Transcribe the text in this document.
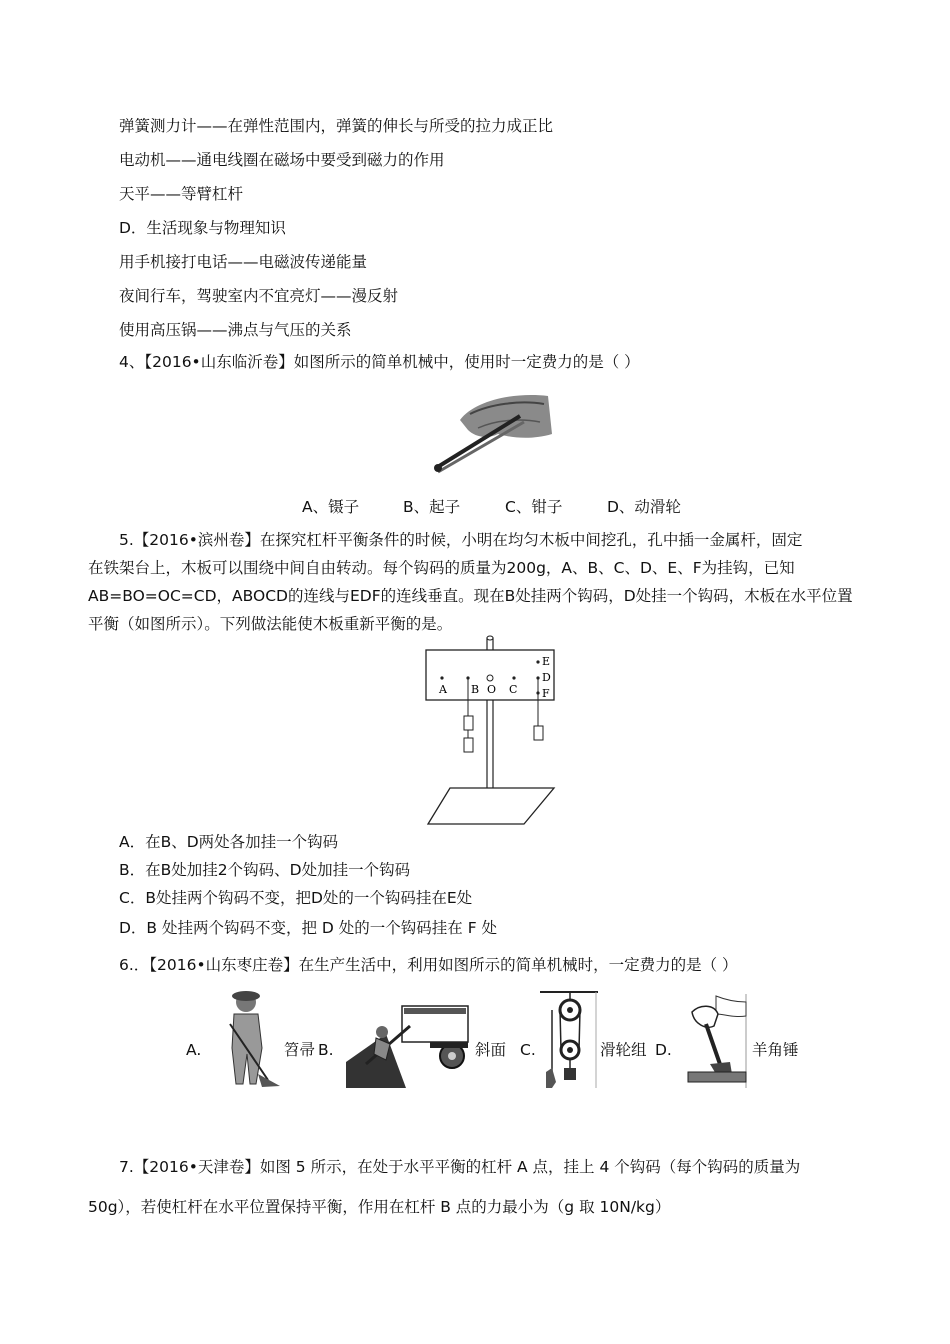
弹簧测力计——在弹性范围内，弹簧的伸长与所受的拉力成正比
电动机——通电线圈在磁场中要受到磁力的作用
天平——等臂杠杆
D．生活现象与物理知识
用手机接打电话——电磁波传递能量
夜间行车，驾驶室内不宜亮灯——漫反射
使用高压锅——沸点与气压的关系
4、【2016•山东临沂卷】如图所示的简单机械中，使用时一定费力的是（ ）
A、镊子	B、起子	C、钳子	D、动滑轮
5.【2016•滨州卷】在探究杠杆平衡条件的时候，小明在均匀木板中间挖孔，孔中插一金属杆，固定
在铁架台上，木板可以围绕中间自由转动。每个钩码的质量为200g，A、B、C、D、E、F为挂钩，已知
AB=BO=OC=CD，ABOCD的连线与EDF的连线垂直。现在B处挂两个钩码，D处挂一个钩码，木板在水平位置
平衡（如图所示）。下列做法能使木板重新平衡的是。
A B O C
E
D
F
A．在B、D两处各加挂一个钩码
B．在B处加挂2个钩码、D处加挂一个钩码
C．B处挂两个钩码不变，把D处的一个钩码挂在E处
D．B 处挂两个钩码不变，把 D 处的一个钩码挂在 F 处
6.．【2016•山东枣庄卷】在生产生活中，利用如图所示的简单机械时，一定费力的是（ ）
A.	笤帚 B.	斜面 C.	滑轮组 D.	羊角锤
7.【2016•天津卷】如图 5 所示，在处于水平平衡的杠杆 A 点，挂上 4 个钩码（每个钩码的质量为
50g），若使杠杆在水平位置保持平衡，作用在杠杆 B 点的力最小为（g 取 10N/kg）
